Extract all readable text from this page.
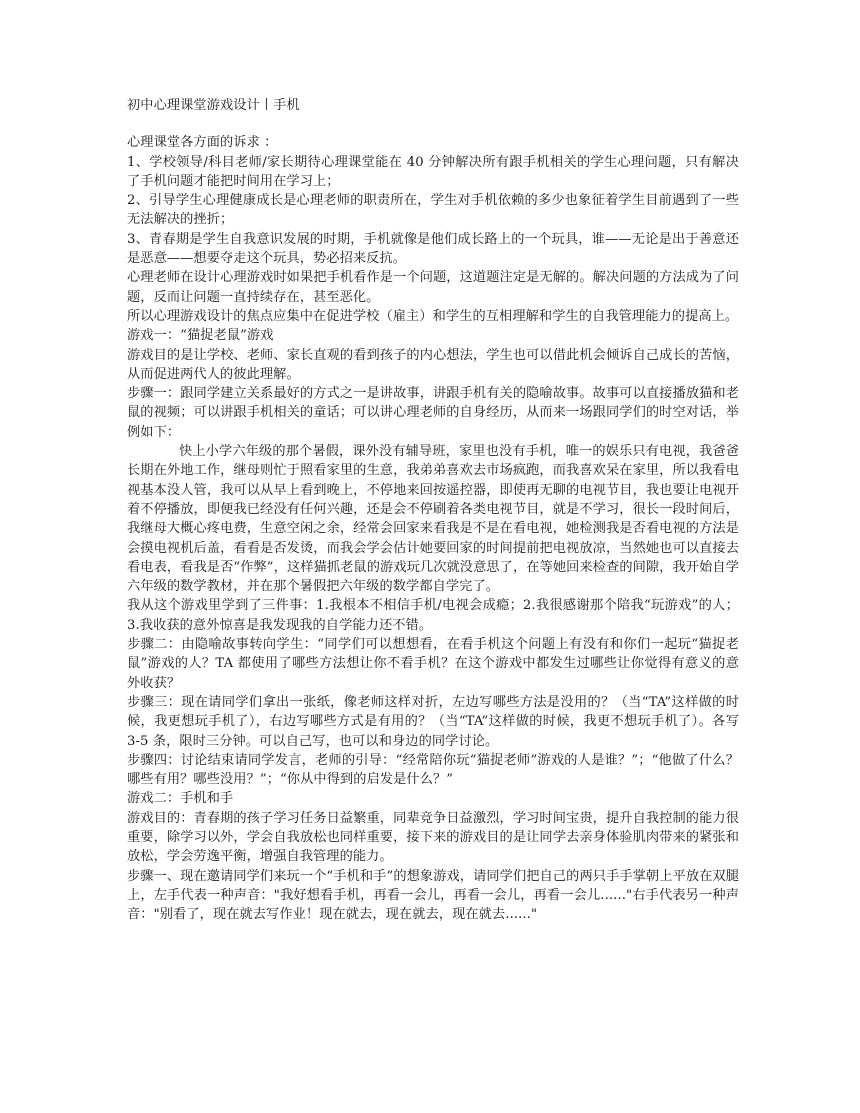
初中心理课堂游戏设计丨手机

心理课堂各方面的诉求 ：

1、学校领导/科目老师/家长期待心理课堂能在 40 分钟解决所有跟手机相关的学生心理问题，只有解决了手机问题才能把时间用在学习上；

2、引导学生心理健康成长是心理老师的职责所在，学生对手机依赖的多少也象征着学生目前遇到了一些无法解决的挫折；

3、青春期是学生自我意识发展的时期，手机就像是他们成长路上的一个玩具，谁——无论是出于善意还是恶意——想要夺走这个玩具，势必招来反抗。

心理老师在设计心理游戏时如果把手机看作是一个问题，这道题注定是无解的。解决问题的方法成为了问题，反而让问题一直持续存在，甚至恶化。

所以心理游戏设计的焦点应集中在促进学校（雇主）和学生的互相理解和学生的自我管理能力的提高上。

游戏一：“猫捉老鼠”游戏

游戏目的是让学校、老师、家长直观的看到孩子的内心想法，学生也可以借此机会倾诉自己成长的苦恼，从而促进两代人的彼此理解。

步骤一：跟同学建立关系最好的方式之一是讲故事，讲跟手机有关的隐喻故事。故事可以直接播放猫和老鼠的视频；可以讲跟手机相关的童话；可以讲心理老师的自身经历，从而来一场跟同学们的时空对话，举例如下：

快上小学六年级的那个暑假，课外没有辅导班，家里也没有手机，唯一的娱乐只有电视，我爸爸长期在外地工作，继母则忙于照看家里的生意，我弟弟喜欢去市场疯跑，而我喜欢呆在家里，所以我看电视基本没人管，我可以从早上看到晚上，不停地来回按遥控器，即使再无聊的电视节目，我也要让电视开着不停播放，即便我已经没有任何兴趣，还是会不停刷着各类电视节目，就是不学习，很长一段时间后，我继母大概心疼电费，生意空闲之余，经常会回家来看我是不是在看电视，她检测我是否看电视的方法是会摸电视机后盖，看看是否发烫，而我会学会估计她要回家的时间提前把电视放凉，当然她也可以直接去看电表，看我是否“作弊”，这样猫抓老鼠的游戏玩几次就没意思了，在等她回来检查的间隙，我开始自学六年级的数学教材，并在那个暑假把六年级的数学都自学完了。

我从这个游戏里学到了三件事：1.我根本不相信手机/电视会成瘾；2.我很感谢那个陪我“玩游戏”的人；3.我收获的意外惊喜是我发现我的自学能力还不错。

步骤二：由隐喻故事转向学生：“同学们可以想想看，在看手机这个问题上有没有和你们一起玩“猫捉老鼠”游戏的人？TA 都使用了哪些方法想让你不看手机？在这个游戏中都发生过哪些让你觉得有意义的意外收获？

步骤三：现在请同学们拿出一张纸，像老师这样对折，左边写哪些方法是没用的？（当“TA”这样做的时候，我更想玩手机了），右边写哪些方式是有用的？（当“TA”这样做的时候，我更不想玩手机了）。各写 3-5 条，限时三分钟。可以自己写，也可以和身边的同学讨论。

步骤四：讨论结束请同学发言，老师的引导：“经常陪你玩“猫捉老师”游戏的人是谁？”；“他做了什么？哪些有用？哪些没用？”；“你从中得到的启发是什么？”

游戏二：手机和手

游戏目的：青春期的孩子学习任务日益繁重，同辈竞争日益激烈，学习时间宝贵，提升自我控制的能力很重要，除学习以外，学会自我放松也同样重要，接下来的游戏目的是让同学去亲身体验肌肉带来的紧张和放松，学会劳逸平衡，增强自我管理的能力。

步骤一、现在邀请同学们来玩一个“手机和手”的想象游戏，请同学们把自己的两只手手掌朝上平放在双腿上，左手代表一种声音："我好想看手机，再看一会儿，再看一会儿，再看一会儿......"右手代表另一种声音："别看了，现在就去写作业！现在就去，现在就去，现在就去......"
